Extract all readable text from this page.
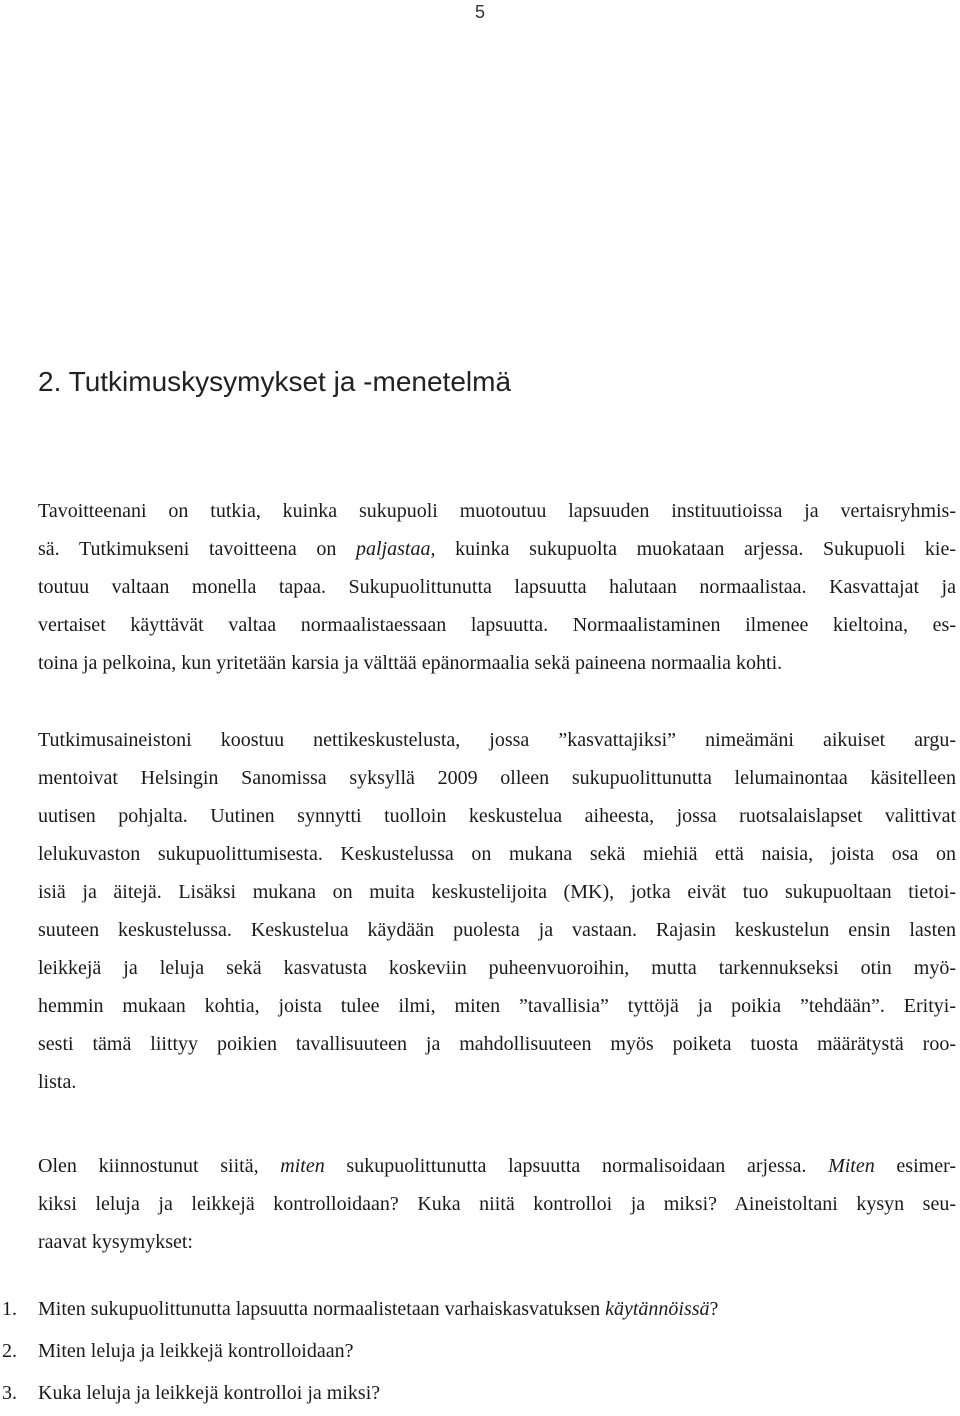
5
2. Tutkimuskysymykset ja -menetelmä
Tavoitteenani on tutkia, kuinka sukupuoli muotoutuu lapsuuden instituutioissa ja vertaisryhmis-
sä. Tutkimukseni tavoitteena on paljastaa, kuinka sukupuolta muokataan arjessa. Sukupuoli kie-
toutuu valtaan monella tapaa. Sukupuolittunutta lapsuutta halutaan normaalistaa. Kasvattajat ja
vertaiset käyttävät valtaa normaalistaessaan lapsuutta. Normaalistaminen ilmenee kieltoina, es-
toina ja pelkoina, kun yritetään karsia ja välttää epänormaalia sekä paineena normaalia kohti.
Tutkimusaineistoni koostuu nettikeskustelusta, jossa ”kasvattajiksi” nimeämäni aikuiset argu-
mentoivat Helsingin Sanomissa syksyllä 2009 olleen sukupuolittunutta lelumainontaa käsitelleen
uutisen pohjalta. Uutinen synnytti tuolloin keskustelua aiheesta, jossa ruotsalaislapset valittivat
lelukuvaston sukupuolittumisesta. Keskustelussa on mukana sekä miehiä että naisia, joista osa on
isiä ja äitejä. Lisäksi mukana on muita keskustelijoita (MK), jotka eivät tuo sukupuoltaan tietoi-
suuteen keskustelussa. Keskustelua käydään puolesta ja vastaan. Rajasin keskustelun ensin lasten
leikkejä ja leluja sekä kasvatusta koskeviin puheenvuoroihin, mutta tarkennukseksi otin myö-
hemmin mukaan kohtia, joista tulee ilmi, miten ”tavallisia” tyttöjä ja poikia ”tehdään”. Erityi-
sesti tämä liittyy poikien tavallisuuteen ja mahdollisuuteen myös poiketa tuosta määrätystä roo-
lista.
Olen kiinnostunut siitä, miten sukupuolittunutta lapsuutta normalisoidaan arjessa. Miten esimer-
kiksi leluja ja leikkejä kontrolloidaan? Kuka niitä kontrolloi ja miksi? Aineistoltani kysyn seu-
raavat kysymykset:
1. Miten sukupuolittunutta lapsuutta normaalistetaan varhaiskasvatuksen käytännöissä?
2. Miten leluja ja leikkejä kontrolloidaan?
3. Kuka leluja ja leikkejä kontrolloi ja miksi?
